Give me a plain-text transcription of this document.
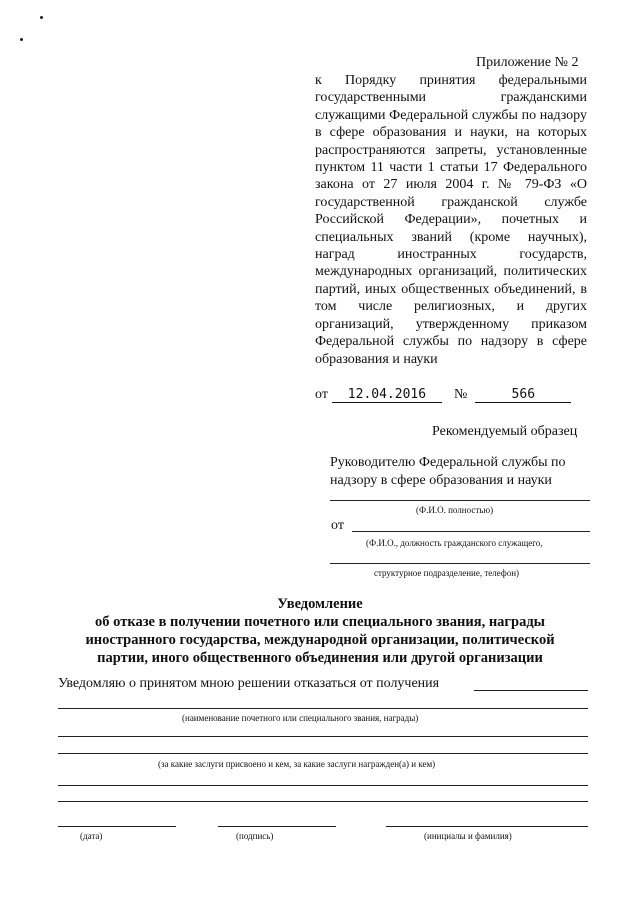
Приложение № 2
к Порядку принятия федеральными государственными гражданскими служащими Федеральной службы по надзору в сфере образования и науки, на которых распространяются запреты, установленные пунктом 11 части 1 статьи 17 Федерального закона от 27 июля 2004 г. № 79-ФЗ «О государственной гражданской службе Российской Федерации», почетных и специальных званий (кроме научных), наград иностранных государств, международных организаций, политических партий, иных общественных объединений, в том числе религиозных, и других организаций, утвержденному приказом Федеральной службы по надзору в сфере образования и науки
от 12.04.2016 №	566
Рекомендуемый образец
Руководителю Федеральной службы по надзору в сфере образования и науки
(Ф.И.О. полностью)
от
(Ф.И.О., должность гражданского служащего,
структурное подразделение, телефон)
Уведомление
об отказе в получении почетного или специального звания, награды
иностранного государства, международной организации, политической
партии, иного общественного объединения или другой организации
Уведомляю о принятом мною решении отказаться от получения
(наименование почетного или специального звания, награды)
(за какие заслуги присвоено и кем, за какие заслуги награжден(а) и кем)
(дата)	(подпись)	(инициалы и фамилия)
